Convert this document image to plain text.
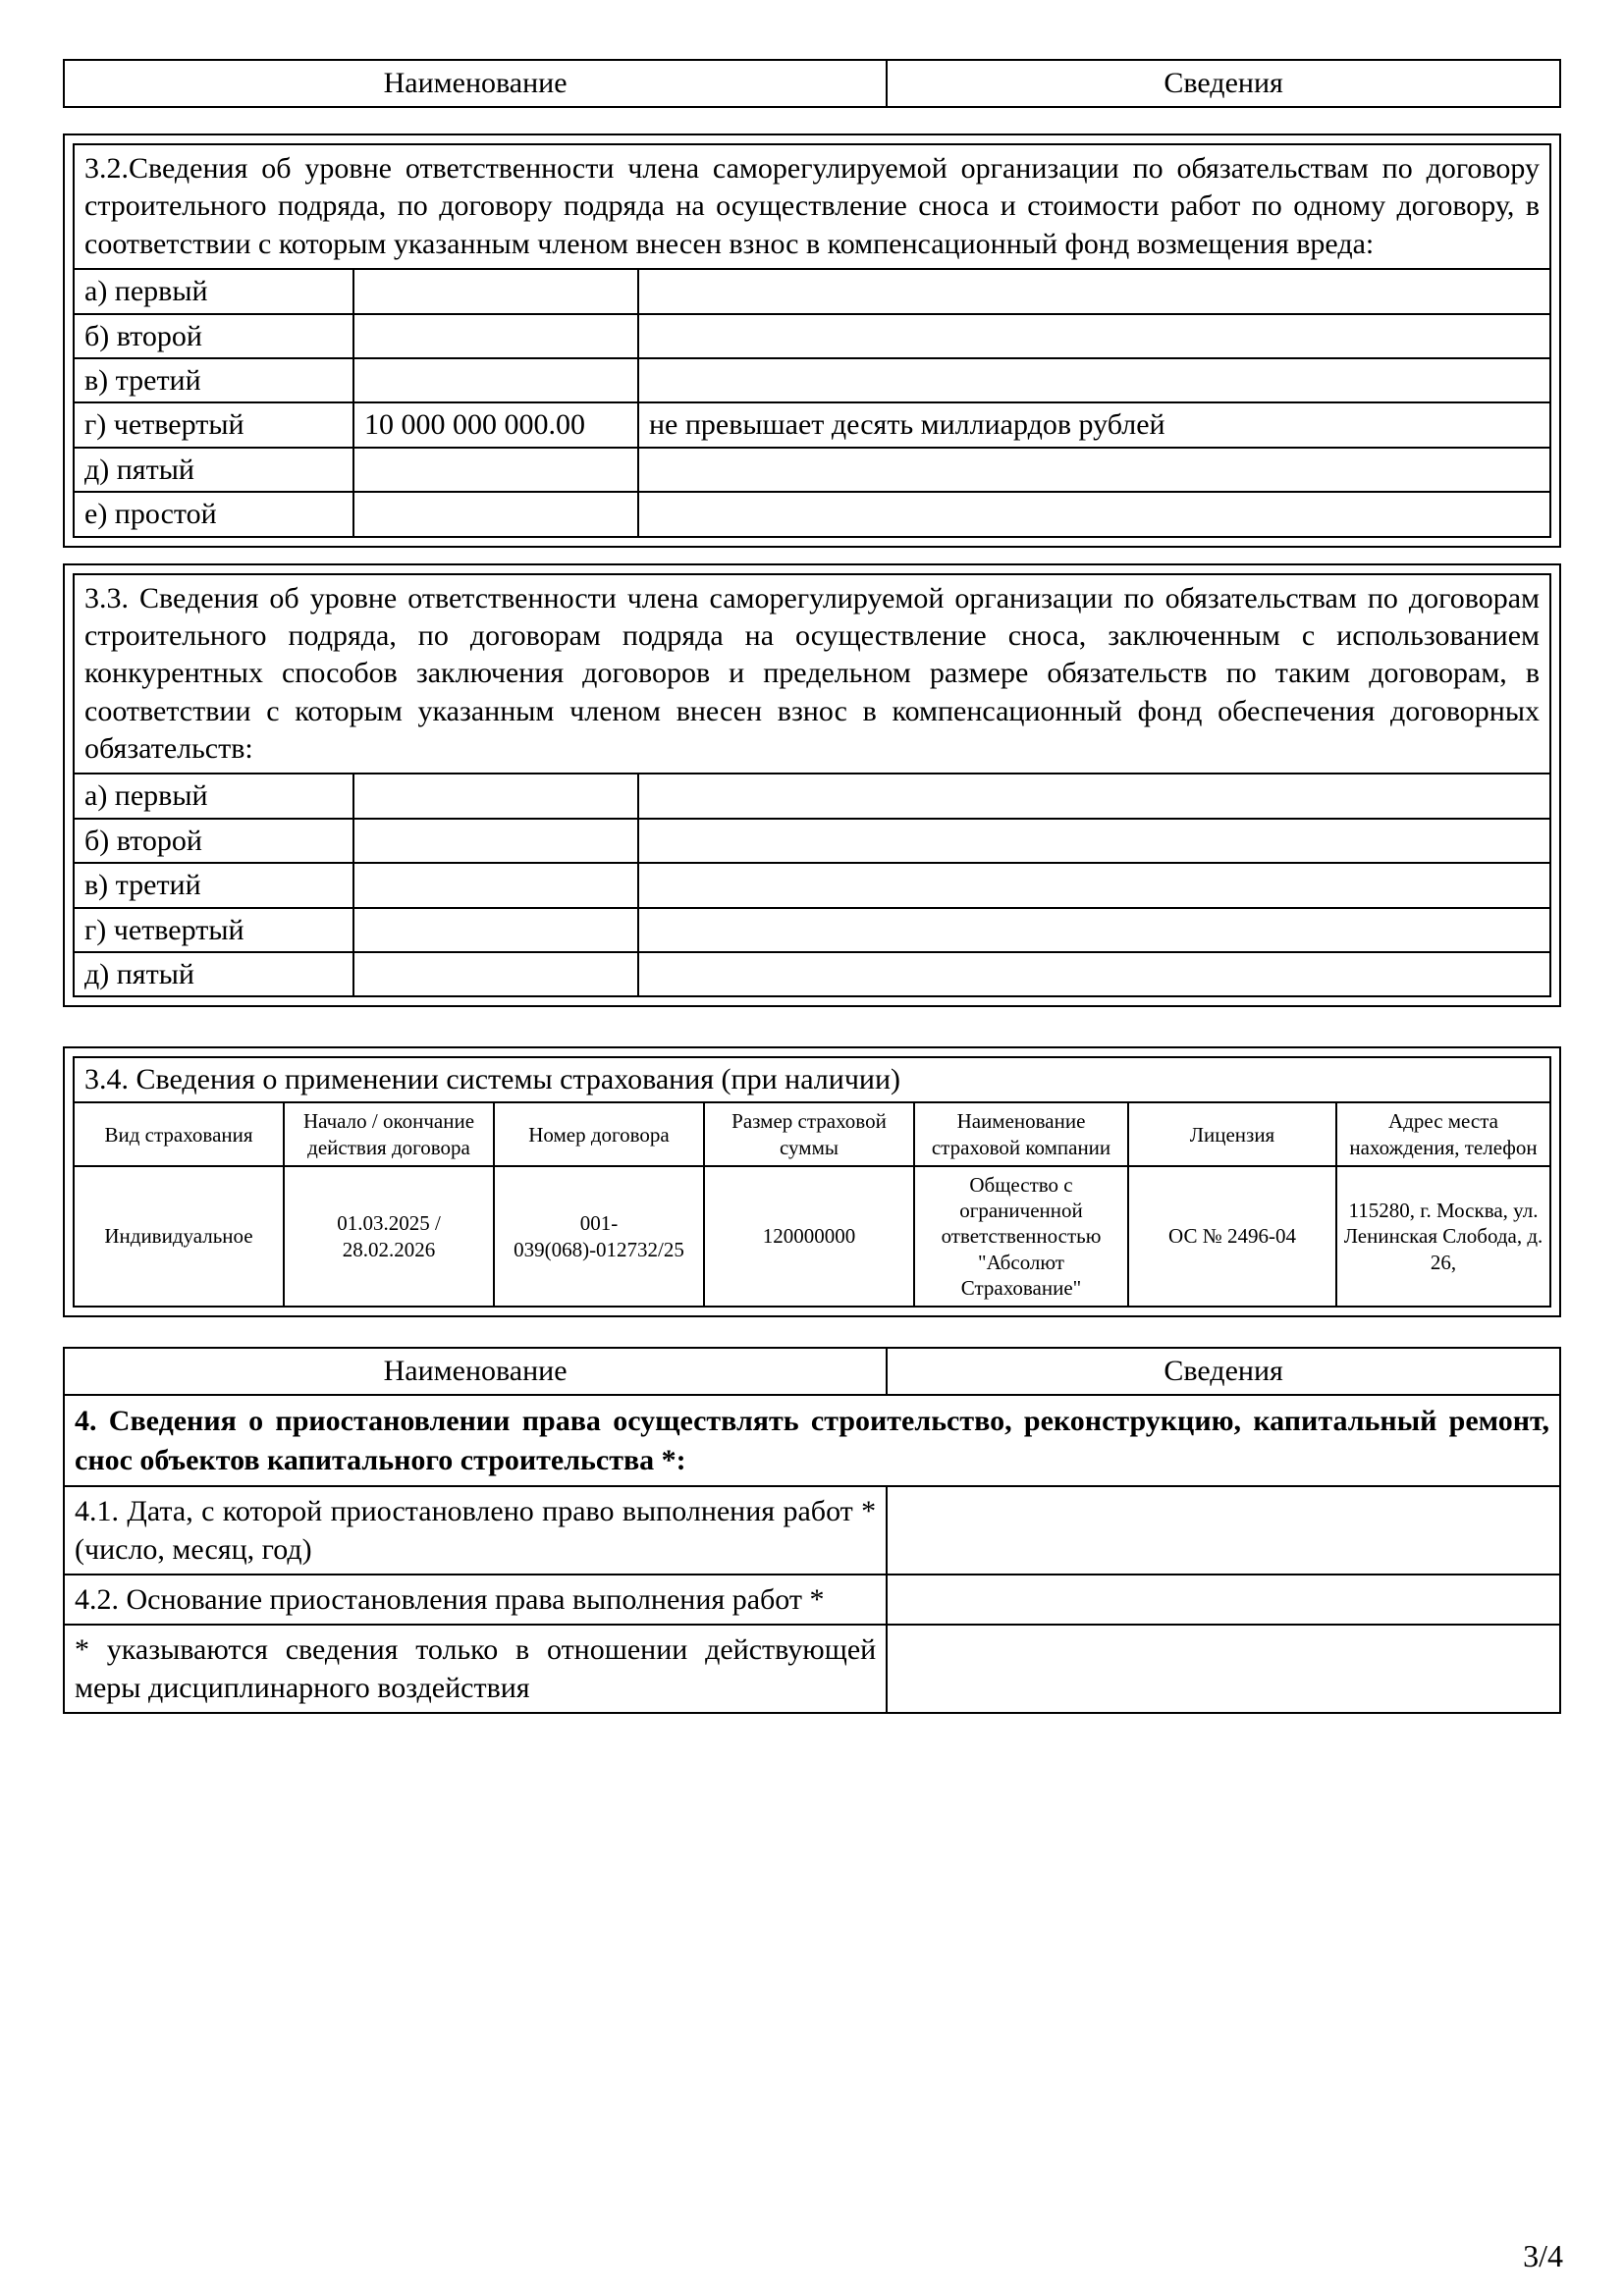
Наименование	Сведения
3.2.Сведения об уровне ответственности члена саморегулируемой организации по обязательствам по договору строительного подряда, по договору подряда на осуществление сноса и стоимости работ по одному договору, в соответствии с которым указанным членом внесен взнос в компенсационный фонд возмещения вреда:		
а) первый		
б) второй		
в) третий		
г) четвертый	10 000 000 000.00	не превышает десять миллиардов рублей
д) пятый		
е) простой		
3.3. Сведения об уровне ответственности члена саморегулируемой организации по обязательствам по договорам строительного подряда, по договорам подряда на осуществление сноса, заключенным с использованием конкурентных способов заключения договоров и предельном размере обязательств по таким договорам, в соответствии с которым указанным членом внесен взнос в компенсационный фонд обеспечения договорных обязательств:		
а) первый		
б) второй		
в) третий		
г) четвертый		
д) пятый		
3.4. Сведения о применении системы страхования (при наличии)						
Вид страхования	Начало / окончание действия договора	Номер договора	Размер страховой суммы	Наименование страховой компании	Лицензия	Адрес места нахождения, телефон
Индивидуальное	01.03.2025 / 28.02.2026	001-039(068)-012732/25	120000000	Общество с ограниченной ответственностью "Абсолют Страхование"	ОС № 2496-04	115280, г. Москва, ул. Ленинская Слобода, д. 26,
Наименование	Сведения
4. Сведения о приостановлении права осуществлять строительство, реконструкцию, капитальный ремонт, снос объектов капитального строительства *:	
4.1. Дата, с которой приостановлено право выполнения работ * (число, месяц, год)	
4.2. Основание приостановления права выполнения работ *	
* указываются сведения только в отношении действующей меры дисциплинарного воздействия	
3/4
